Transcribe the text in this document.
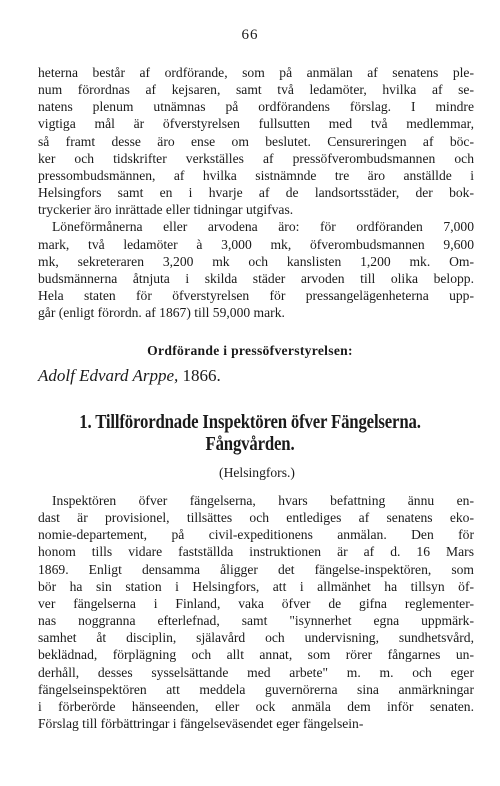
66
heterna består af ordförande, som på anmälan af senatens ple-
num förordnas af kejsaren, samt två ledamöter, hvilka af se-
natens plenum utnämnas på ordförandens förslag. I mindre
vigtiga mål är öfverstyrelsen fullsutten med två medlemmar,
så framt desse äro ense om beslutet. Censureringen af böc-
ker och tidskrifter verkställes af pressöfverombudsmannen och
pressombudsmännen, af hvilka sistnämnde tre äro anställde i
Helsingfors samt en i hvarje af de landsortsstäder, der bok-
tryckerier äro inrättade eller tidningar utgifvas.
Löneförmånerna eller arvodena äro: för ordföranden 7,000
mark, två ledamöter à 3,000 mk, öfverombudsmannen 9,600
mk, sekreteraren 3,200 mk och kanslisten 1,200 mk. Om-
budsmännerna åtnjuta i skilda städer arvoden till olika belopp.
Hela staten för öfverstyrelsen för pressangelägenheterna upp-
går (enligt förordn. af 1867) till 59,000 mark.
Ordförande i pressöfverstyrelsen:
Adolf Edvard Arppe, 1866.
1. Tillförordnade Inspektören öfver Fängelserna.
Fångvården.
(Helsingfors.)
Inspektören öfver fängelserna, hvars befattning ännu en-
dast är provisionel, tillsättes och entlediges af senatens eko-
nomie-departement, på civil-expeditionens anmälan. Den för
honom tills vidare fastställda instruktionen är af d. 16 Mars
1869. Enligt densamma åligger det fängelse-inspektören, som
bör ha sin station i Helsingfors, att i allmänhet ha tillsyn öf-
ver fängelserna i Finland, vaka öfver de gifna reglementer-
nas noggranna efterlefnad, samt "isynnerhet egna uppmärk-
samhet åt disciplin, själavård och undervisning, sundhetsvård,
beklädnad, förplägning och allt annat, som rörer fångarnes un-
derhåll, desses sysselsättande med arbete" m. m. och eger
fängelseinspektören att meddela guvernörerna sina anmärkningar
i förberörde hänseenden, eller ock anmäla dem inför senaten.
Förslag till förbättringar i fängelseväsendet eger fängelsein-
